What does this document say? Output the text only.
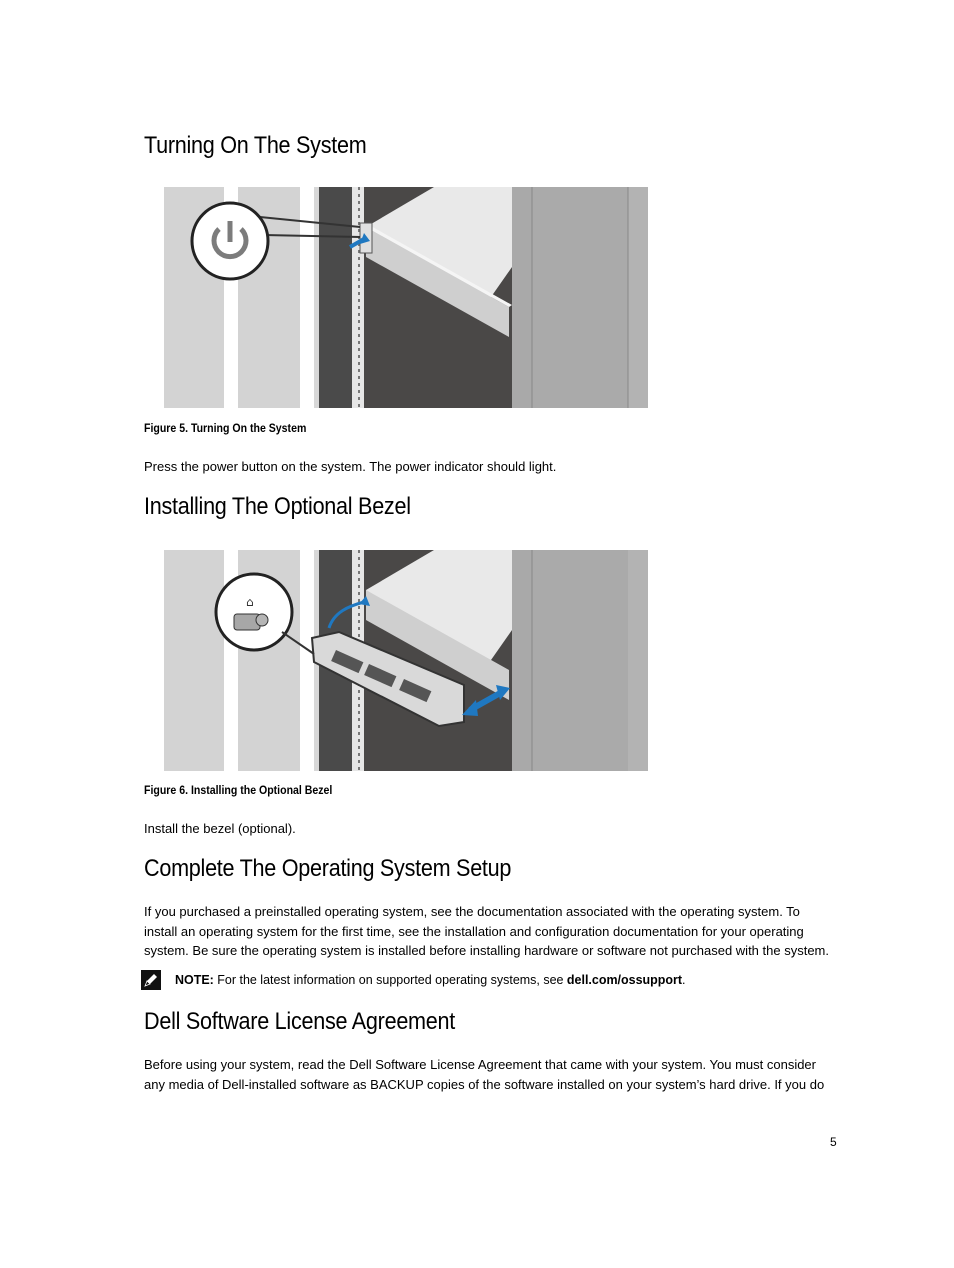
Turning On The System
Figure 5. Turning On the System

Press the power button on the system. The power indicator should light.

Installing The Optional Bezel
⌂
Figure 6. Installing the Optional Bezel

Install the bezel (optional).

Complete The Operating System Setup
If you purchased a preinstalled operating system, see the documentation associated with the operating system. To
install an operating system for the first time, see the installation and configuration documentation for your operating
system. Be sure the operating system is installed before installing hardware or software not purchased with the system.
NOTE: For the latest information on supported operating systems, see dell.com/ossupport.
Dell Software License Agreement
Before using your system, read the Dell Software License Agreement that came with your system. You must consider
any media of Dell-installed software as BACKUP copies of the software installed on your system’s hard drive. If you do
5
